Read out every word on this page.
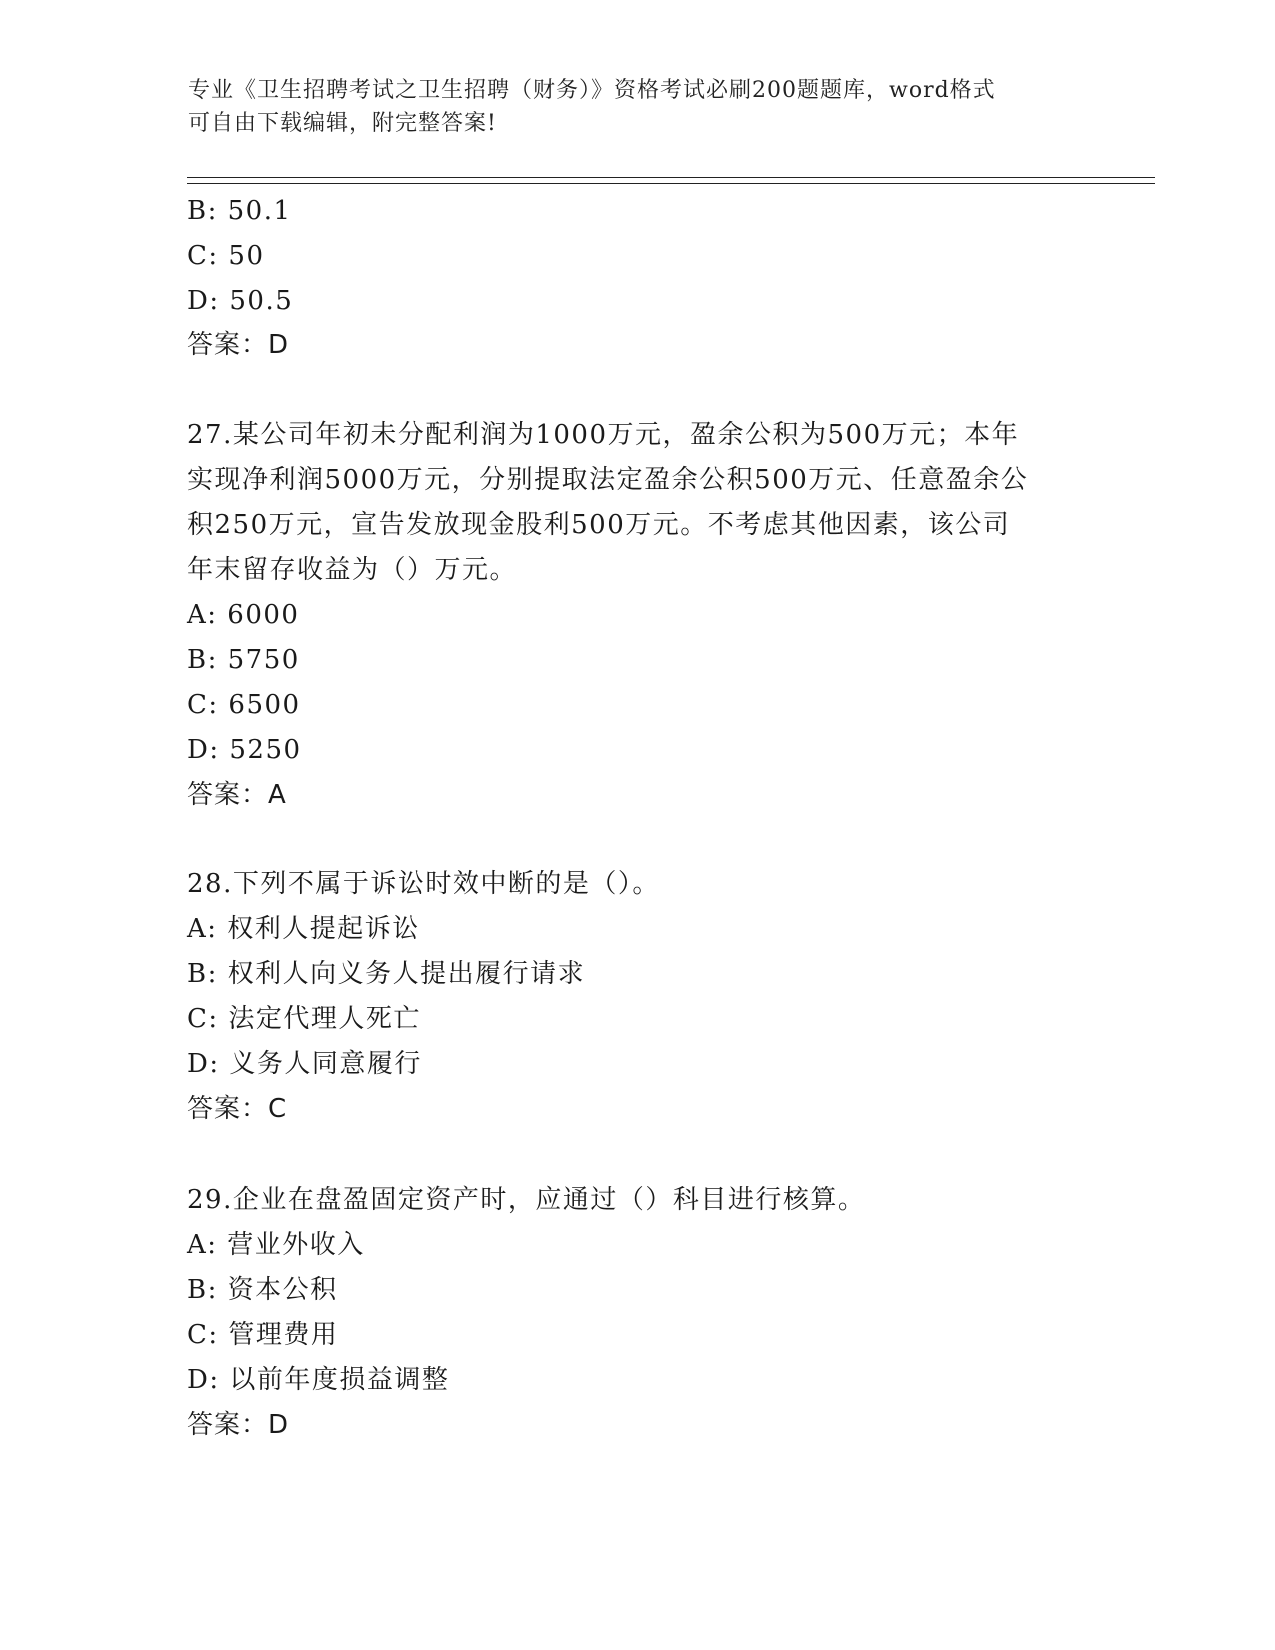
专业《卫生招聘考试之卫生招聘（财务）》资格考试必刷200题题库，word格式
可自由下载编辑，附完整答案!
B: 50.1
C: 50
D: 50.5
答案：D
27.某公司年初未分配利润为1000万元，盈余公积为500万元；本年
实现净利润5000万元，分别提取法定盈余公积500万元、任意盈余公
积250万元，宣告发放现金股利500万元。不考虑其他因素，该公司
年末留存收益为（）万元。
A: 6000
B: 5750
C: 6500
D: 5250
答案：A
28.下列不属于诉讼时效中断的是（）。
A: 权利人提起诉讼
B: 权利人向义务人提出履行请求
C: 法定代理人死亡
D: 义务人同意履行
答案：C
29.企业在盘盈固定资产时，应通过（）科目进行核算。
A: 营业外收入
B: 资本公积
C: 管理费用
D: 以前年度损益调整
答案：D
